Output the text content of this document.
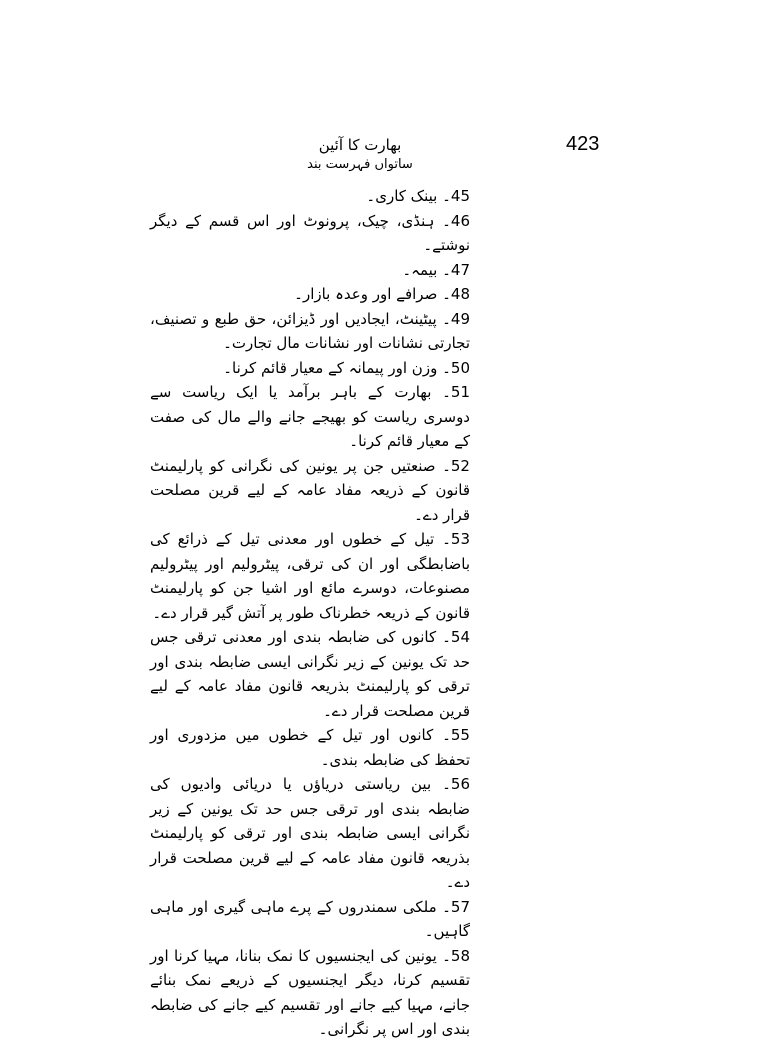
423
بھارت کا آئین
ساتواں فہرست بند

45۔ بینک کاری۔

46۔ ہنڈی، چیک، پرونوٹ اور اس قسم کے دیگر نوشتے۔

47۔ بیمہ۔

48۔ صرافے اور وعدہ بازار۔

49۔ پیٹینٹ، ایجادیں اور ڈیزائن، حق طبع و تصنیف، تجارتی نشانات اور نشانات مال تجارت۔

50۔ وزن اور پیمانہ کے معیار قائم کرنا۔

51۔ بھارت کے باہر برآمد یا ایک ریاست سے دوسری ریاست کو بھیجے جانے والے مال کی صفت کے معیار قائم کرنا۔

52۔ صنعتیں جن پر یونین کی نگرانی کو پارلیمنٹ قانون کے ذریعہ مفاد عامہ کے لیے قرین مصلحت قرار دے۔

53۔ تیل کے خطوں اور معدنی تیل کے ذرائع کی باضابطگی اور ان کی ترقی، پیٹرولیم اور پیٹرولیم مصنوعات، دوسرے مائع اور اشیا جن کو پارلیمنٹ قانون کے ذریعہ خطرناک طور پر آتش گیر قرار دے۔

54۔ کانوں کی ضابطہ بندی اور معدنی ترقی جس حد تک یونین کے زیر نگرانی ایسی ضابطہ بندی اور ترقی کو پارلیمنٹ بذریعہ قانون مفاد عامہ کے لیے قرین مصلحت قرار دے۔

55۔ کانوں اور تیل کے خطوں میں مزدوری اور تحفظ کی ضابطہ بندی۔

56۔ بین ریاستی دریاؤں یا دریائی وادیوں کی ضابطہ بندی اور ترقی جس حد تک یونین کے زیر نگرانی ایسی ضابطہ بندی اور ترقی کو پارلیمنٹ بذریعہ قانون مفاد عامہ کے لیے قرین مصلحت قرار دے۔

57۔ ملکی سمندروں کے پرے ماہی گیری اور ماہی گاہیں۔

58۔ یونین کی ایجنسیوں کا نمک بنانا، مہیا کرنا اور تقسیم کرنا، دیگر ایجنسیوں کے ذریعے نمک بنائے جانے، مہیا کیے جانے اور تقسیم کیے جانے کی ضابطہ بندی اور اس پر نگرانی۔
